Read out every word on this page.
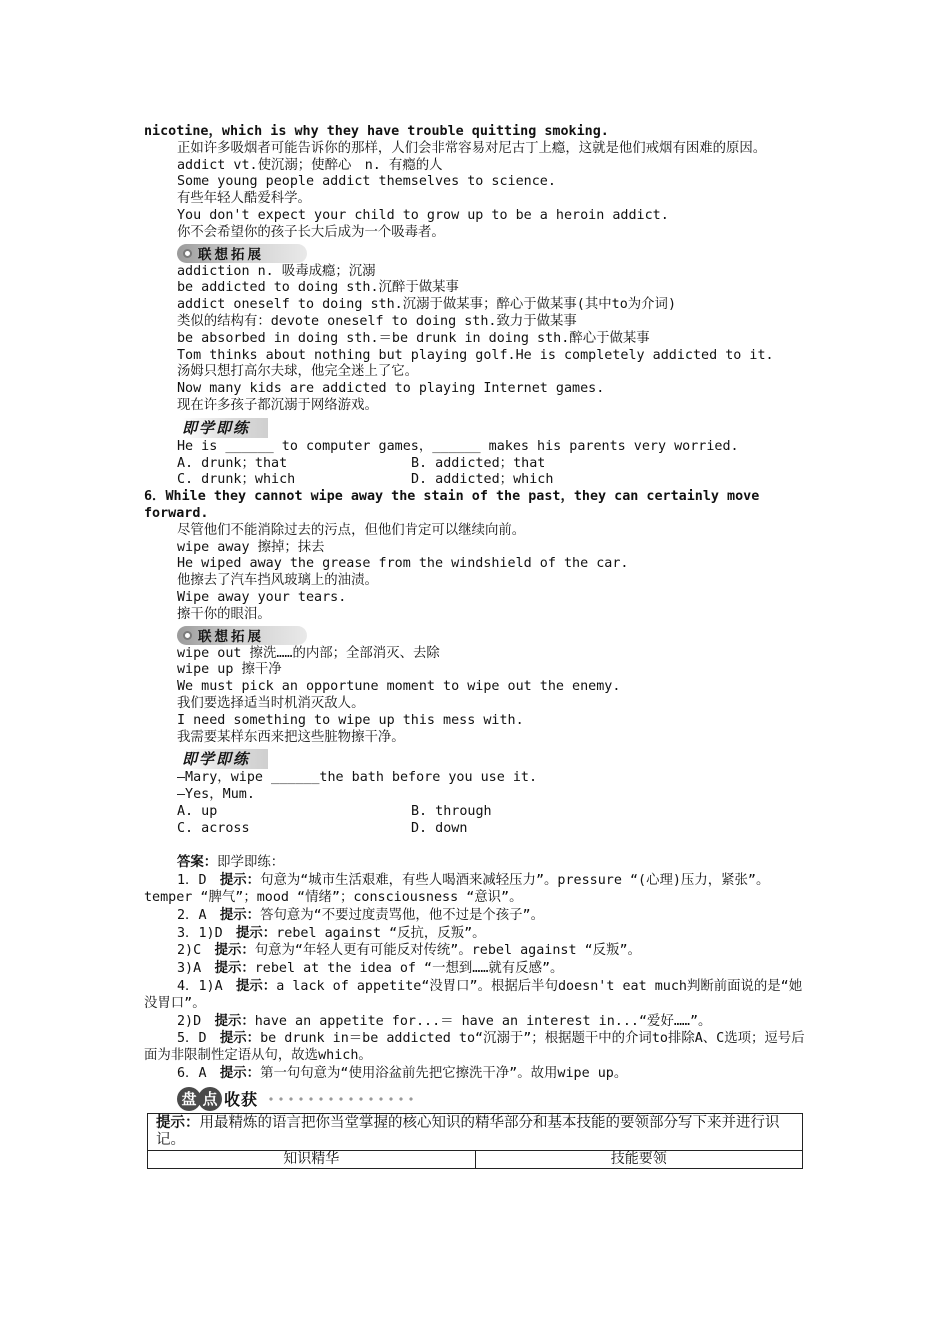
nicotine，which is why they have trouble quitting smoking.
正如许多吸烟者可能告诉你的那样，人们会非常容易对尼古丁上瘾，这就是他们戒烟有困难的原因。
addict vt.使沉溺；使醉心　n. 有瘾的人
Some young people addict themselves to science.
有些年轻人酷爱科学。
You don't expect your child to grow up to be a heroin addict.
你不会希望你的孩子长大后成为一个吸毒者。
联想拓展
addiction n. 吸毒成瘾；沉溺
be addicted to doing sth.沉醉于做某事
addict oneself to doing sth.沉溺于做某事；醉心于做某事(其中to为介词)
类似的结构有：devote oneself to doing sth.致力于做某事
be absorbed in doing sth.＝be drunk in doing sth.醉心于做某事
Tom thinks about nothing but playing golf.He is completely addicted to it.
汤姆只想打高尔夫球，他完全迷上了它。
Now many kids are addicted to playing Internet games.
现在许多孩子都沉溺于网络游戏。
即学即练
He is ______ to computer games，______ makes his parents very worried.
A. drunk；that	B. addicted；that
C. drunk；which	D. addicted；which
6．While they cannot wipe away the stain of the past，they can certainly move forward.
尽管他们不能消除过去的污点，但他们肯定可以继续向前。
wipe away 擦掉；抹去
He wiped away the grease from the windshield of the car.
他擦去了汽车挡风玻璃上的油渍。
Wipe away your tears.
擦干你的眼泪。
联想拓展
wipe out 擦洗……的内部；全部消灭、去除
wipe up 擦干净
We must pick an opportune moment to wipe out the enemy.
我们要选择适当时机消灭敌人。
I need something to wipe up this mess with.
我需要某样东西来把这些脏物擦干净。
即学即练
—Mary，wipe ______the bath before you use it.
—Yes，Mum.
A. up	B. through
C. across	D. down
答案：即学即练：
1．D　提示：句意为“城市生活艰难，有些人喝酒来减轻压力”。pressure “(心理)压力，紧张”。temper “脾气”；mood “情绪”；consciousness “意识”。
2．A　提示：答句意为“不要过度责骂他，他不过是个孩子”。
3．1)D　提示：rebel against “反抗，反叛”。
2)C　提示：句意为“年轻人更有可能反对传统”。rebel against “反叛”。
3)A　提示：rebel at the idea of “一想到……就有反感”。
4．1)A　提示：a lack of appetite“没胃口”。根据后半句doesn't eat much判断前面说的是“她没胃口”。
2)D　提示：have an appetite for...＝ have an interest in...“爱好……”。
5．D　提示：be drunk in＝be addicted to“沉溺于”；根据题干中的介词to排除A、C选项；逗号后面为非限制性定语从句，故选which。
6．A　提示：第一句句意为“使用浴盆前先把它擦洗干净”。故用wipe up。
盘 点 收获
提示：用最精炼的语言把你当堂掌握的核心知识的精华部分和基本技能的要领部分写下来并进行识记。
知识精华	技能要领
